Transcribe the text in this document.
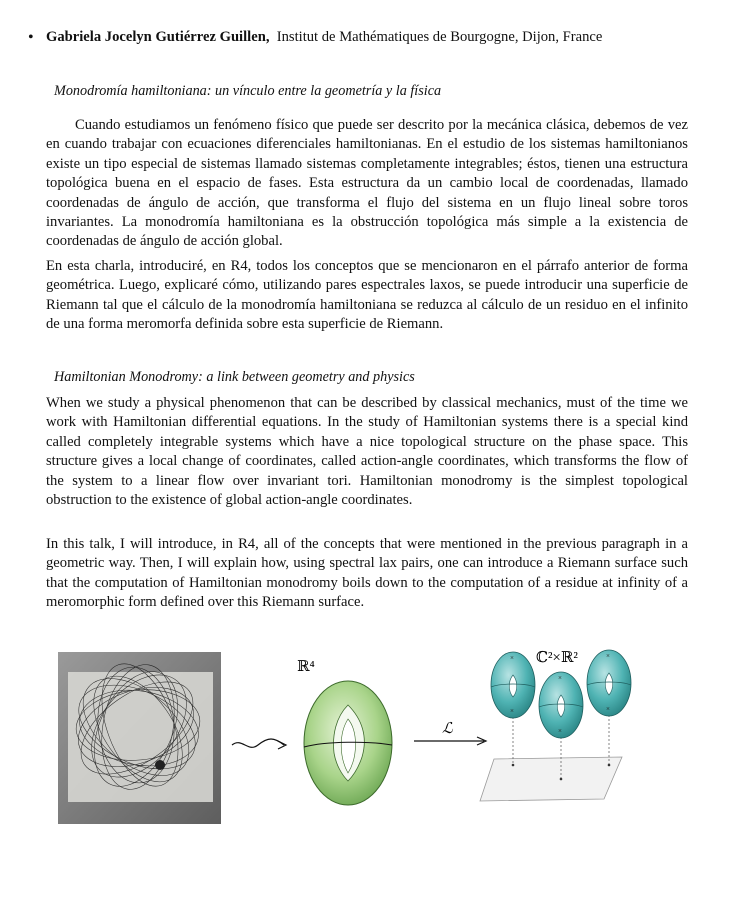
• Gabriela Jocelyn Gutiérrez Guillen, Institut de Mathématiques de Bourgogne, Dijon, France
Monodromía hamiltoniana: un vínculo entre la geometría y la física

Cuando estudiamos un fenómeno físico que puede ser descrito por la mecánica clásica, debemos de vez en cuando trabajar con ecuaciones diferenciales hamiltonianas. En el estudio de los sistemas hamiltonianos existe un tipo especial de sistemas llamado sistemas completamente integrables; éstos, tienen una estructura topológica buena en el espacio de fases. Esta estructura da un cambio local de coordenadas, llamado coordenadas de ángulo de acción, que transforma el flujo del sistema en un flujo lineal sobre toros invariantes. La monodromía hamiltoniana es la obstrucción topológica más simple a la existencia de coordenadas de ángulo de acción global.

En esta charla, introduciré, en R4, todos los conceptos que se mencionaron en el párrafo anterior de forma geométrica. Luego, explicaré cómo, utilizando pares espectrales laxos, se puede introducir una superficie de Riemann tal que el cálculo de la monodromía hamiltoniana se reduzca al cálculo de un residuo en el infinito de una forma meromorfa definida sobre esta superficie de Riemann.

Hamiltonian Monodromy: a link between geometry and physics

When we study a physical phenomenon that can be described by classical mechanics, must of the time we work with Hamiltonian differential equations. In the study of Hamiltonian systems there is a special kind called completely integrable systems which have a nice topological structure on the phase space. This structure gives a local change of coordinates, called action-angle coordinates, which transforms the flow of the system to a linear flow over invariant tori. Hamiltonian monodromy is the simplest topological obstruction to the existence of global action-angle coordinates.

In this talk, I will introduce, in R4, all of the concepts that were mentioned in the previous paragraph in a geometric way. Then, I will explain how, using spectral lax pairs, one can introduce a Riemann surface such that the computation of Hamiltonian monodromy boils down to the computation of a residue at infinity of a meromorphic form defined over this Riemann surface.

ℝ⁴
ℒ
ℂ²×ℝ²
×
×
×
×
×
×
